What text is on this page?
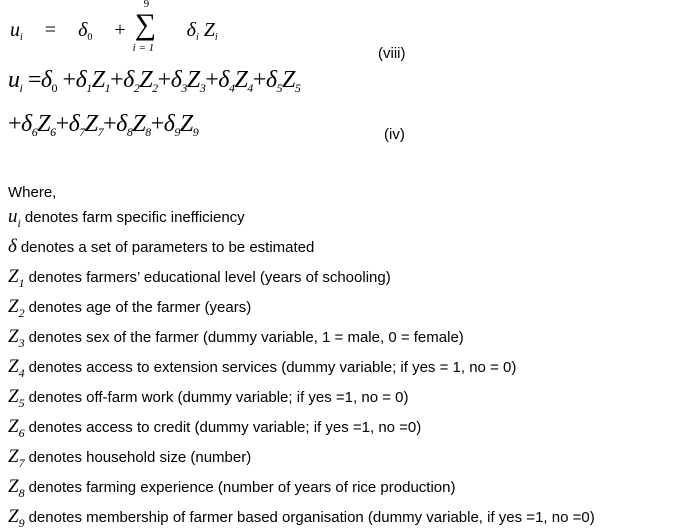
$u_i = \delta_0$ +
9
∑
i = 1
$\delta_i$ $Z_i$
(viii)
$u_i =\delta_0 +\delta_1Z_1+\delta_2Z_2+\delta_3Z_3+\delta_4Z_4+\delta_5Z_5$
$+\delta_6Z_6+\delta_7Z_7+\delta_8Z_8+\delta_9Z_9$	(iv)
Where,
$u_i$ denotes farm specific inefficiency
δ denotes a set of parameters to be estimated
$Z_1$ denotes farmers’ educational level (years of schooling)
$Z_2$ denotes age of the farmer (years)
$Z_3$ denotes sex of the farmer (dummy variable, 1 = male, 0 = female)
$Z_4$ denotes access to extension services (dummy variable; if yes = 1, no = 0)
$Z_5$ denotes off-farm work (dummy variable; if yes =1, no = 0)
$Z_6$ denotes access to credit (dummy variable; if yes =1, no =0)
$Z_7$ denotes household size (number)
$Z_8$ denotes farming experience (number of years of rice production)
$Z_9$ denotes membership of farmer based organisation (dummy variable, if yes =1, no =0)
